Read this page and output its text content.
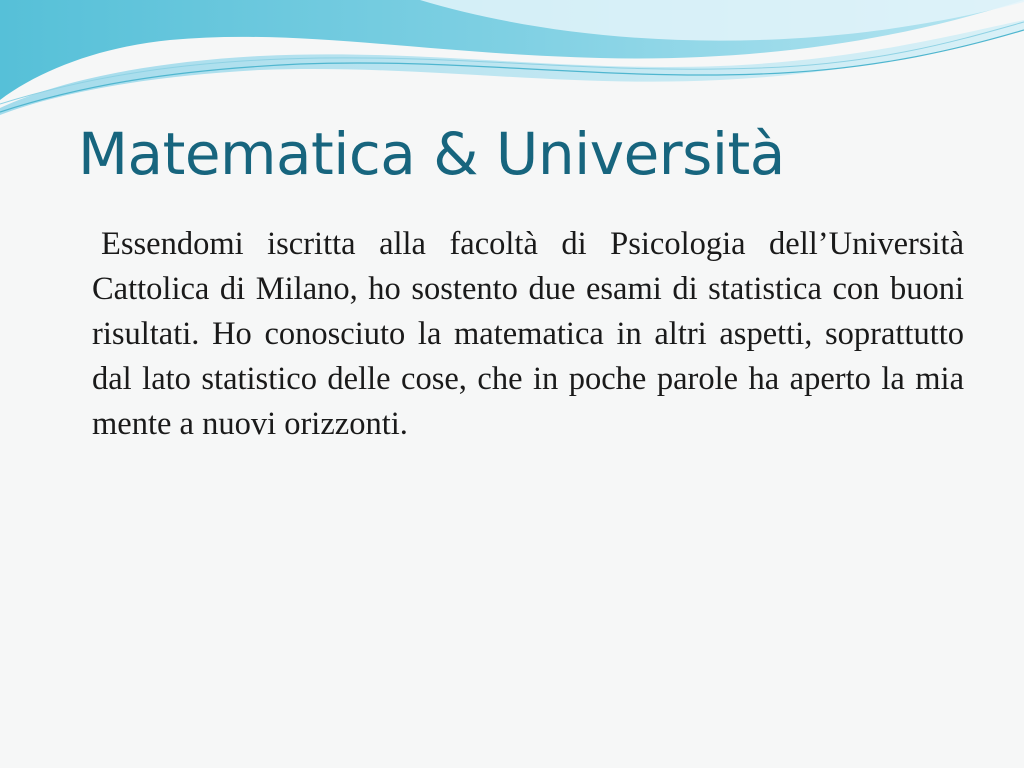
Matematica & Università
Essendomi iscritta alla facoltà di Psicologia dell’Università Cattolica di Milano, ho sostento due esami di statistica con buoni risultati. Ho conosciuto la matematica in altri aspetti, soprattutto dal lato statistico delle cose, che in poche parole ha aperto la mia mente a nuovi orizzonti.
